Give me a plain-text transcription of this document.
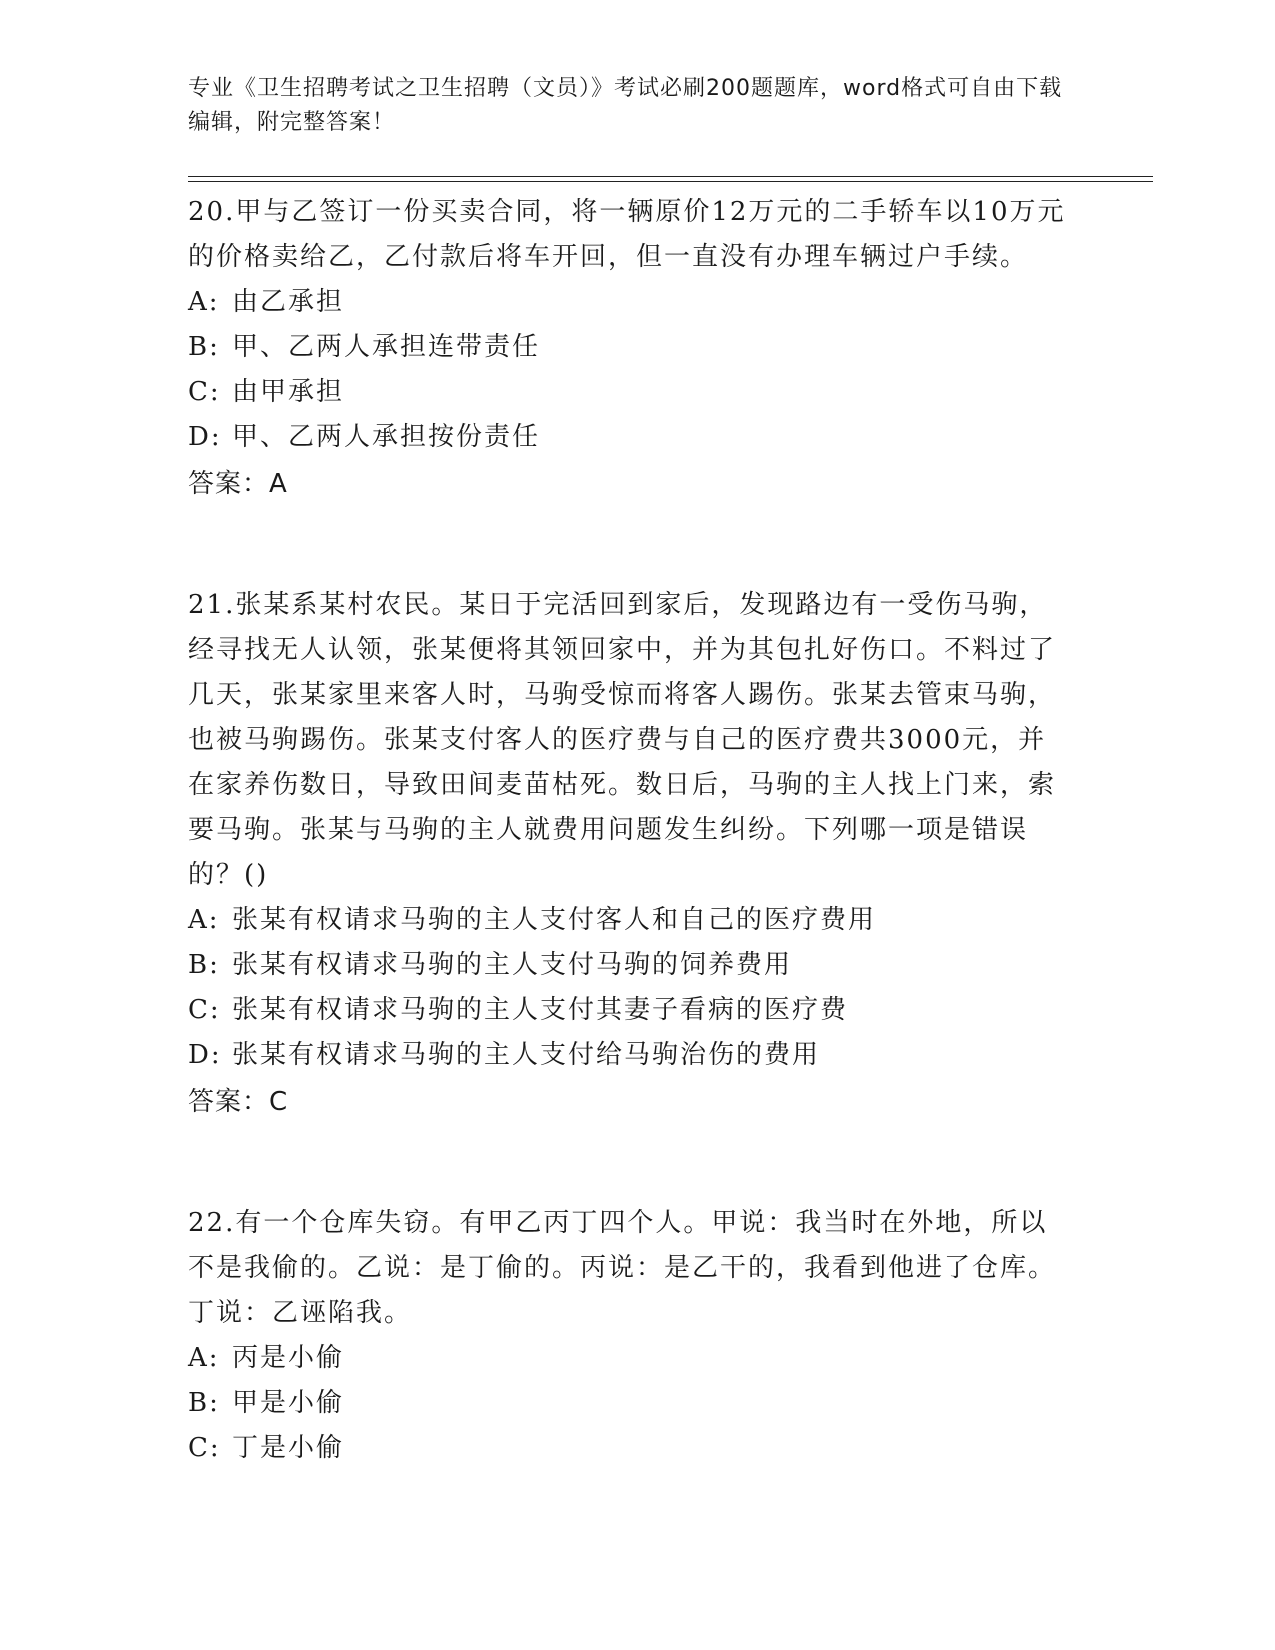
专业《卫生招聘考试之卫生招聘（文员）》考试必刷200题题库，word格式可自由下载编辑，附完整答案！

20.甲与乙签订一份买卖合同，将一辆原价12万元的二手轿车以10万元的价格卖给乙，乙付款后将车开回，但一直没有办理车辆过户手续。

A: 由乙承担

B: 甲、乙两人承担连带责任

C: 由甲承担

D: 甲、乙两人承担按份责任

答案：A

21.张某系某村农民。某日于完活回到家后，发现路边有一受伤马驹，经寻找无人认领，张某便将其领回家中，并为其包扎好伤口。不料过了几天，张某家里来客人时，马驹受惊而将客人踢伤。张某去管束马驹，也被马驹踢伤。张某支付客人的医疗费与自己的医疗费共3000元，并在家养伤数日，导致田间麦苗枯死。数日后，马驹的主人找上门来，索要马驹。张某与马驹的主人就费用问题发生纠纷。下列哪一项是错误的？()

A: 张某有权请求马驹的主人支付客人和自己的医疗费用

B: 张某有权请求马驹的主人支付马驹的饲养费用

C: 张某有权请求马驹的主人支付其妻子看病的医疗费

D: 张某有权请求马驹的主人支付给马驹治伤的费用

答案：C

22.有一个仓库失窃。有甲乙丙丁四个人。甲说：我当时在外地，所以不是我偷的。乙说：是丁偷的。丙说：是乙干的，我看到他进了仓库。丁说：乙诬陷我。

A: 丙是小偷

B: 甲是小偷

C: 丁是小偷
